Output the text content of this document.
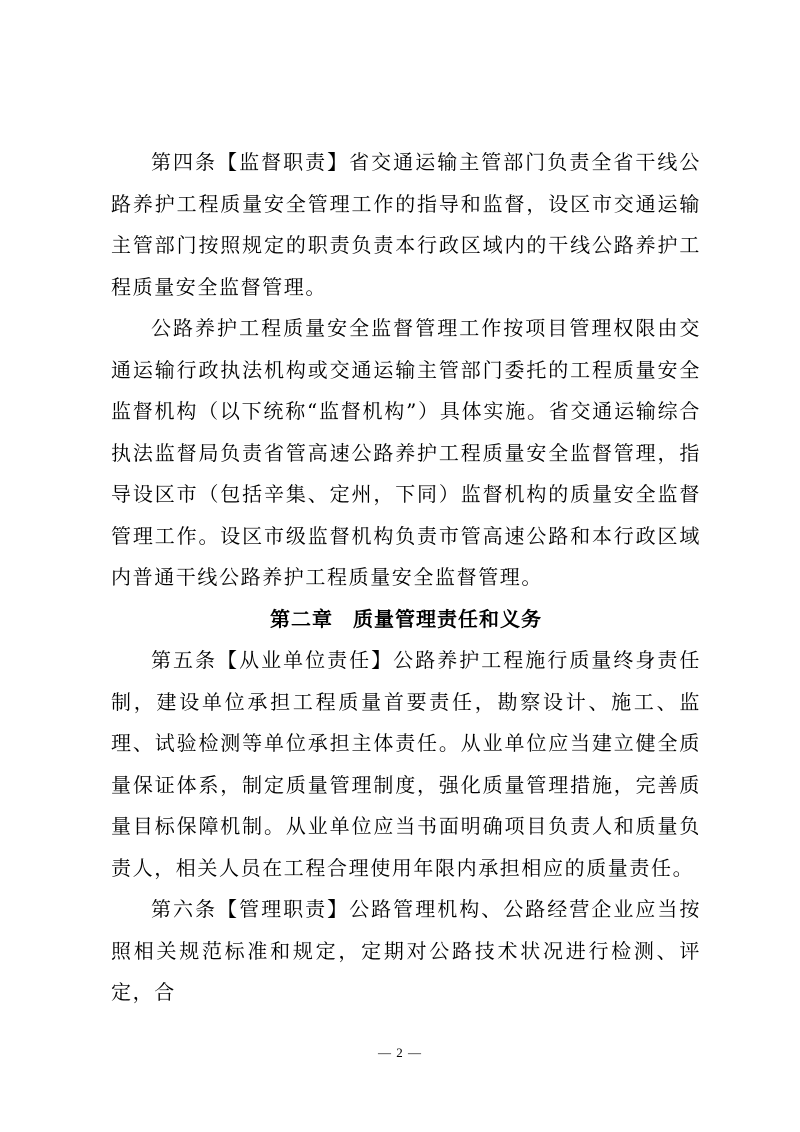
第四条【监督职责】省交通运输主管部门负责全省干线公路养护工程质量安全管理工作的指导和监督，设区市交通运输主管部门按照规定的职责负责本行政区域内的干线公路养护工程质量安全监督管理。

公路养护工程质量安全监督管理工作按项目管理权限由交通运输行政执法机构或交通运输主管部门委托的工程质量安全监督机构（以下统称“监督机构”）具体实施。省交通运输综合执法监督局负责省管高速公路养护工程质量安全监督管理，指导设区市（包括辛集、定州，下同）监督机构的质量安全监督管理工作。设区市级监督机构负责市管高速公路和本行政区域内普通干线公路养护工程质量安全监督管理。

第二章 质量管理责任和义务

第五条【从业单位责任】公路养护工程施行质量终身责任制，建设单位承担工程质量首要责任，勘察设计、施工、监理、试验检测等单位承担主体责任。从业单位应当建立健全质量保证体系，制定质量管理制度，强化质量管理措施，完善质量目标保障机制。从业单位应当书面明确项目负责人和质量负责人，相关人员在工程合理使用年限内承担相应的质量责任。

第六条【管理职责】公路管理机构、公路经营企业应当按照相关规范标准和规定，定期对公路技术状况进行检测、评定，合

— 2 —
